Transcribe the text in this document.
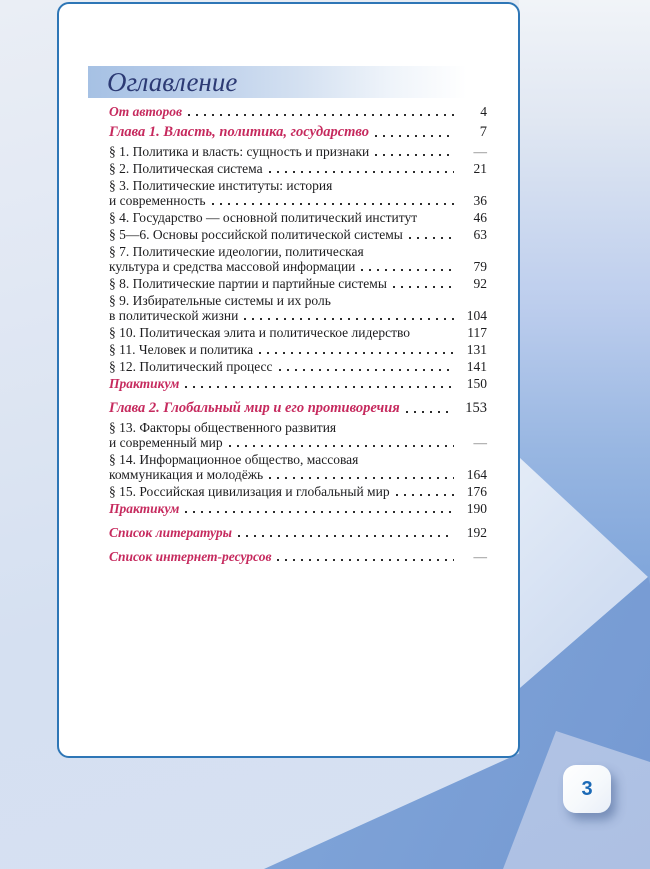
Оглавление
От авторов	4
Глава 1. Власть, политика, государство	7
§ 1. Политика и власть: сущность и признаки	—
§ 2. Политическая система	21
§ 3. Политические институты: история
и современность	36
§ 4. Государство — основной политический институт	46
§ 5—6. Основы российской политической системы	63
§ 7. Политические идеологии, политическая
культура и средства массовой информации	79
§ 8. Политические партии и партийные системы	92
§ 9. Избирательные системы и их роль
в политической жизни	104
§ 10. Политическая элита и политическое лидерство	117
§ 11. Человек и политика	131
§ 12. Политический процесс	141
Практикум	150
Глава 2. Глобальный мир и его противоречия	153
§ 13. Факторы общественного развития
и современный мир	—
§ 14. Информационное общество, массовая
коммуникация и молодёжь	164
§ 15. Российская цивилизация и глобальный мир	176
Практикум	190
Список литературы	192
Список интернет-ресурсов	—
3
